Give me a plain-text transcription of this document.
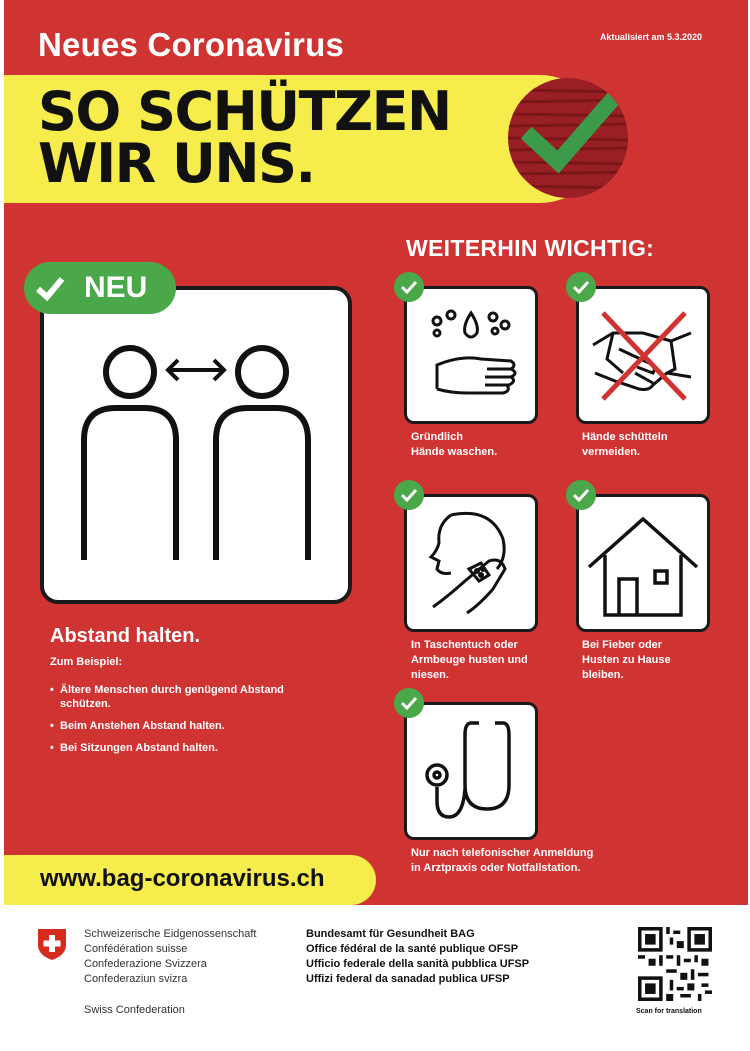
Neues Coronavirus	Aktualisiert am 5.3.2020
SO SCHÜTZEN
WIR UNS.
NEU
Abstand halten.
Zum Beispiel:
• Ältere Menschen durch genügend Abstand schützen.
• Beim Anstehen Abstand halten.
• Bei Sitzungen Abstand halten.
WEITERHIN WICHTIG:
Gründlich
Hände waschen.
Hände schütteln
vermeiden.
In Taschentuch oder
Armbeuge husten und
niesen.
Bei Fieber oder
Husten zu Hause
bleiben.
Nur nach telefonischer Anmeldung
in Arztpraxis oder Notfallstation.
www.bag-coronavirus.ch
Schweizerische Eidgenossenschaft
Confédération suisse
Confederazione Svizzera
Confederaziun svizra
Swiss Confederation
Bundesamt für Gesundheit BAG
Office fédéral de la santé publique OFSP
Ufficio federale della sanità pubblica UFSP
Uffizi federal da sanadad publica UFSP
Scan for translation
